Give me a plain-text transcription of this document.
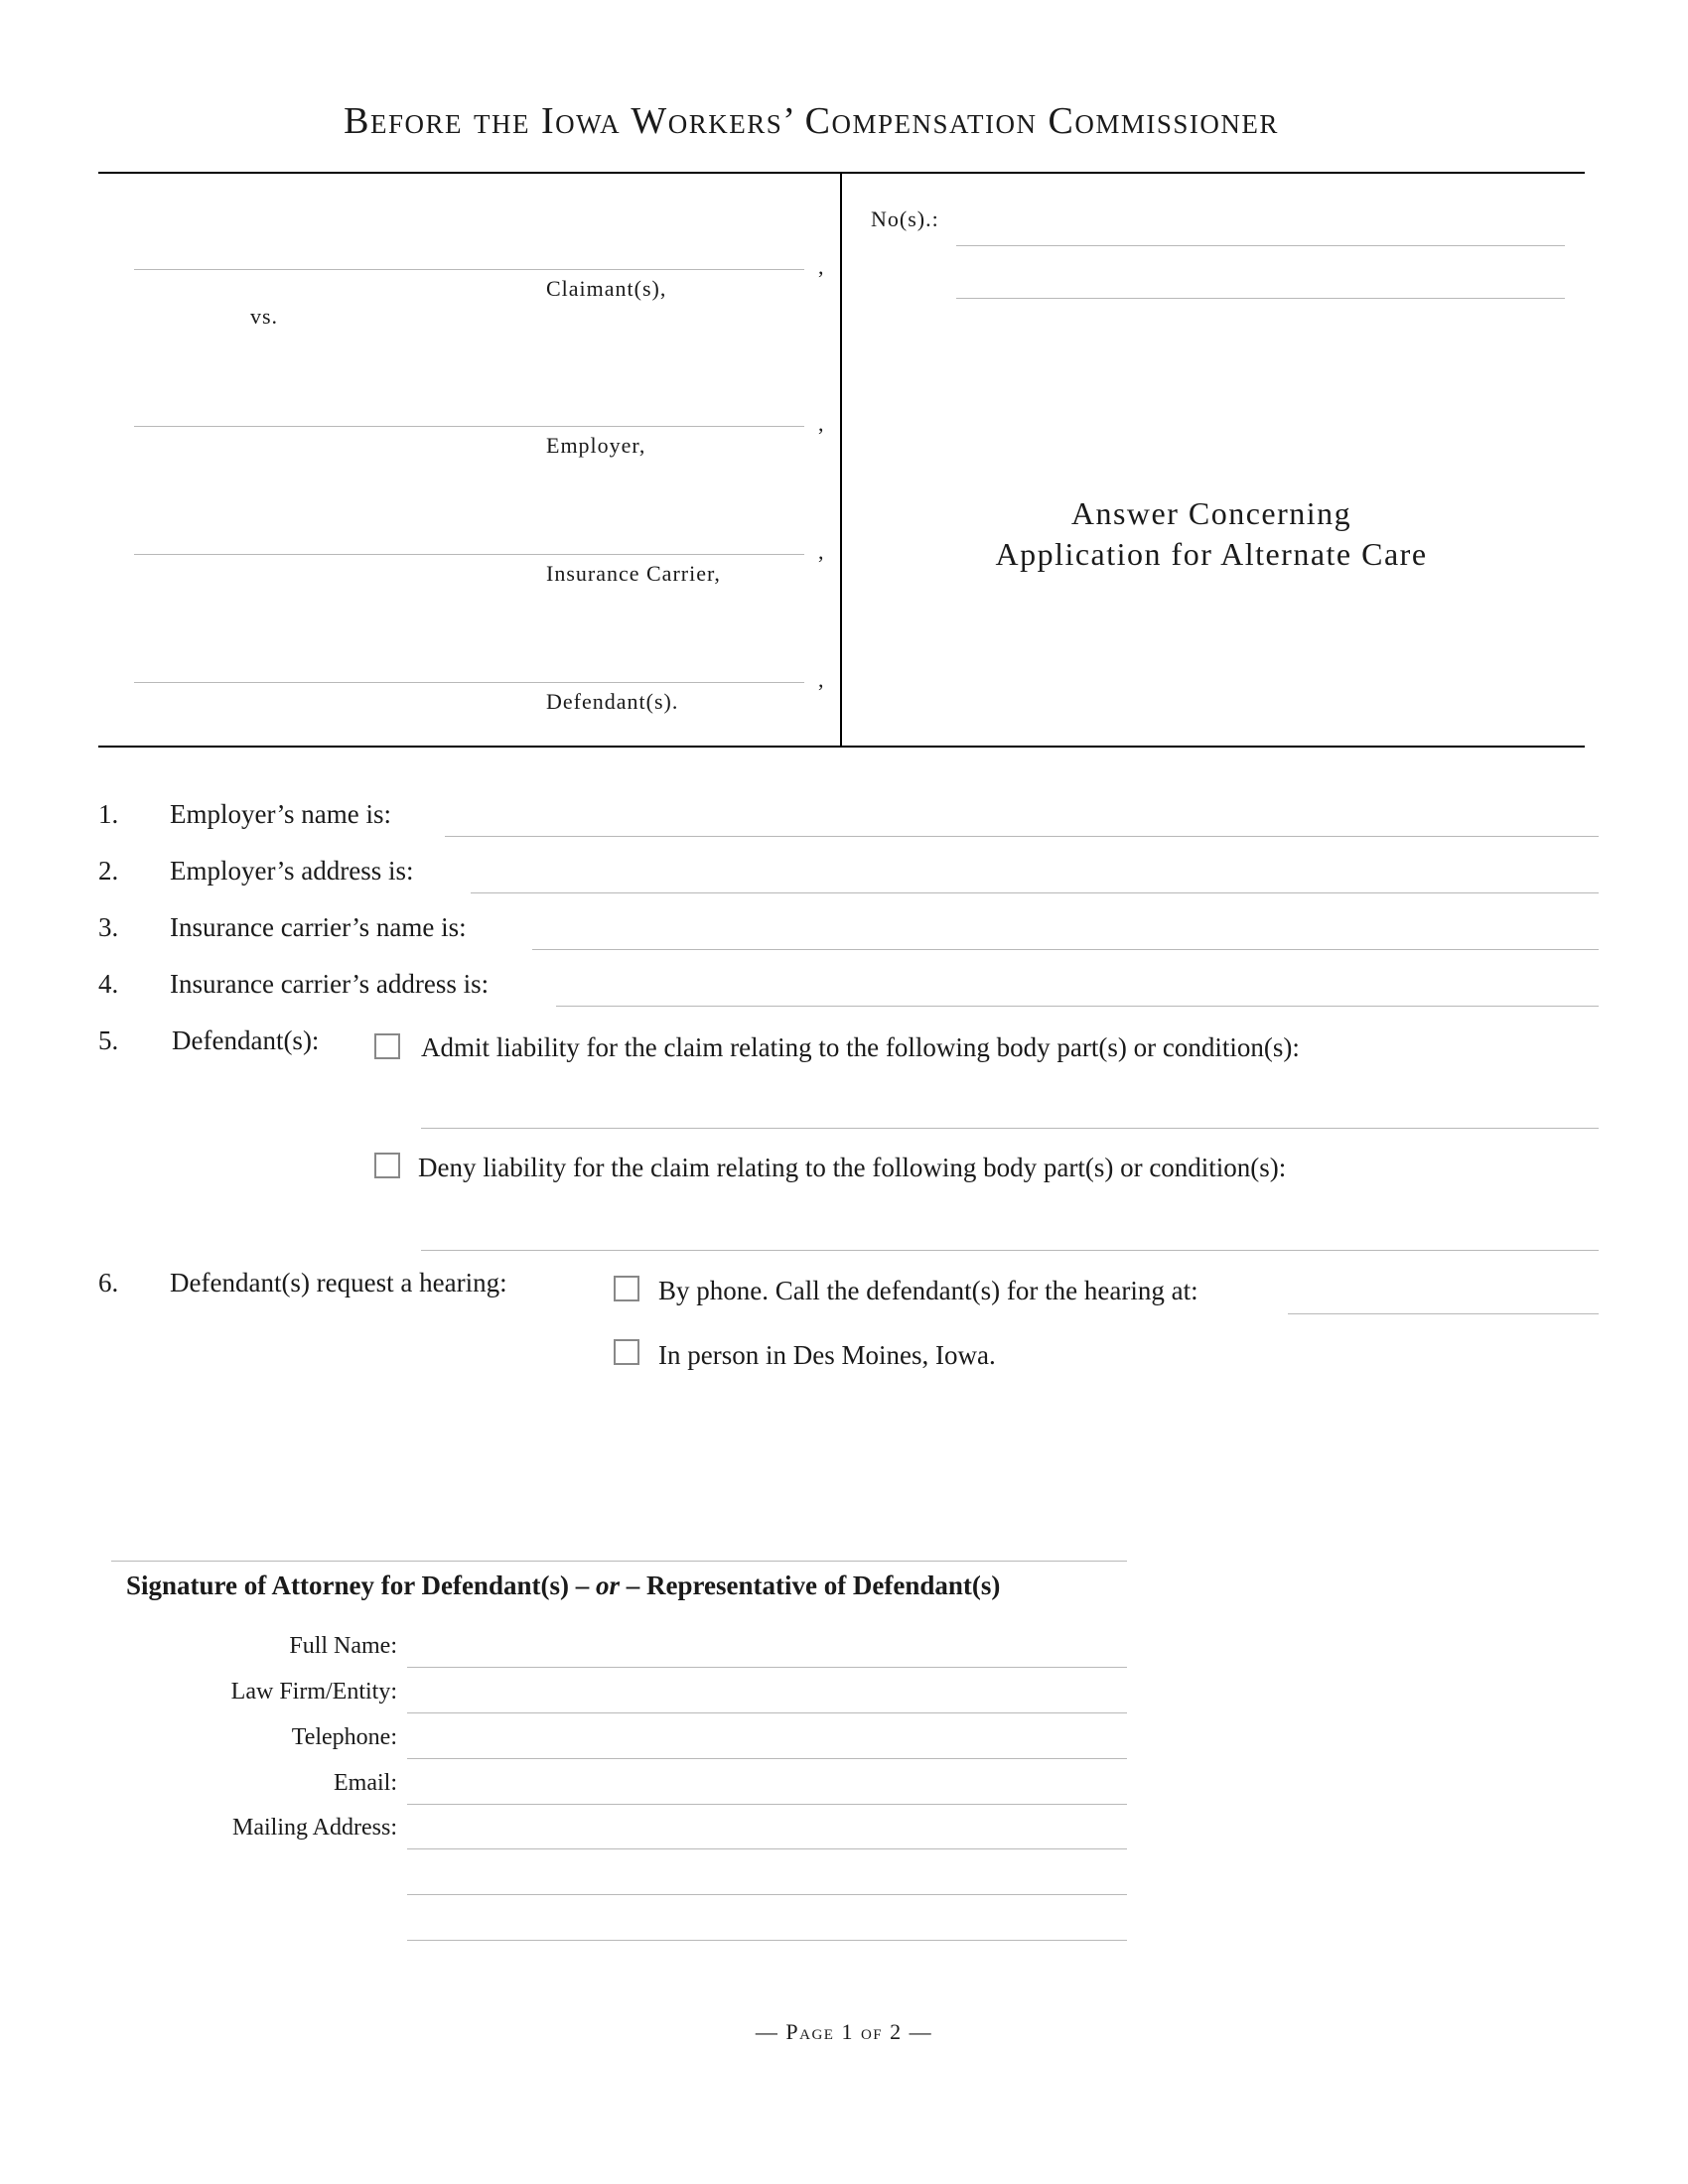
Before the Iowa Workers’ Compensation Commissioner
,
Claimant(s),
vs.
,
Employer,
,
Insurance Carrier,
,
Defendant(s).
No(s).:
Answer Concerning
Application for Alternate Care
1. Employer’s name is:
2. Employer’s address is:
3. Insurance carrier’s name is:
4. Insurance carrier’s address is:
5. Defendant(s):	Admit liability for the claim relating to the following body part(s) or condition(s):
Deny liability for the claim relating to the following body part(s) or condition(s):
6. Defendant(s) request a hearing:	By phone. Call the defendant(s) for the hearing at:
In person in Des Moines, Iowa.
Signature of Attorney for Defendant(s) – or – Representative of Defendant(s)
Full Name:
Law Firm/Entity:
Telephone:
Email:
Mailing Address:
— Page 1 of 2 —
